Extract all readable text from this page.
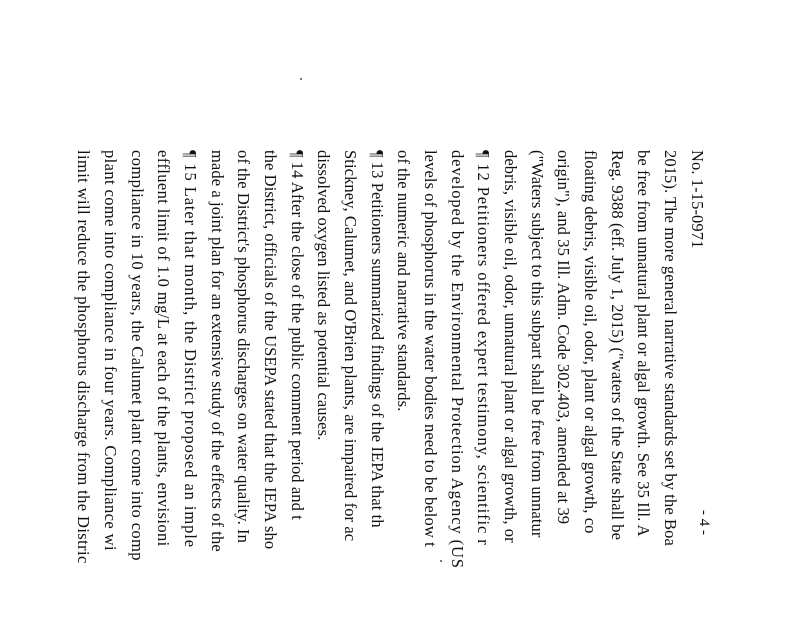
No. 1-15-0971
2015). The more general narrative standards set by the Boa
be free from unnatural plant or algal growth. See 35 Ill. A
Reg. 9388 (eff. July 1, 2015) ("waters of the State shall be
floating debris, visible oil, odor, plant or algal growth, co
origin"), and 35 Ill. Adm. Code 302.403, amended at 39
("Waters subject to this subpart shall be free from unnatur
debris, visible oil, odor, unnatural plant or algal growth, or
¶ 12 Petitioners offered expert testimony, scientific r
developed by the Environmental Protection Agency (US
levels of phosphorus in the water bodies need to be below t
of the numeric and narrative standards.
¶ 13 Petitioners summarized findings of the IEPA that th
Stickney, Calumet, and O'Brien plants, are impaired for ac
dissolved oxygen listed as potential causes.
¶ 14 After the close of the public comment period and t
the District, officials of the USEPA stated that the IEPA sho
of the District's phosphorus discharges on water quality. In
made a joint plan for an extensive study of the effects of the
¶ 15 Later that month, the District proposed an imple
effluent limit of 1.0 mg/L at each of the plants, envisioni
compliance in 10 years, the Calumet plant come into comp
plant come into compliance in four years. Compliance wi
limit will reduce the phosphorus discharge from the Distric	- 4 -
